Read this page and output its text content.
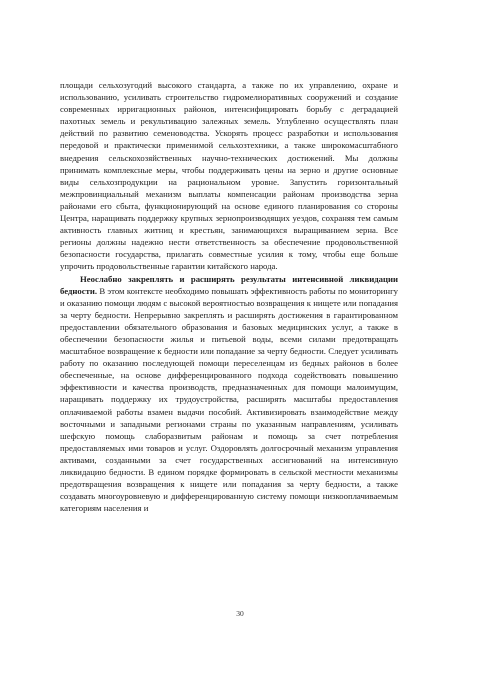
площади сельхозугодий высокого стандарта, а также по их управлению, охране и использованию, усиливать строительство гидромелиоративных сооружений и создание современных ирригационных районов, интенсифицировать борьбу с деградацией пахотных земель и рекультивацию залежных земель. Углубленно осуществлять план действий по развитию семеноводства. Ускорять процесс разработки и использования передовой и практически применимой сельхозтехники, а также широкомасштабного внедрения сельскохозяйственных научно-технических достижений. Мы должны принимать комплексные меры, чтобы поддерживать цены на зерно и другие основные виды сельхозпродукции на рациональном уровне. Запустить горизонтальный межпровинциальный механизм выплаты компенсации районам производства зерна районами его сбыта, функционирующий на основе единого планирования со стороны Центра, наращивать поддержку крупных зернопроизводящих уездов, сохраняя тем самым активность главных житниц и крестьян, занимающихся выращиванием зерна. Все регионы должны надежно нести ответственность за обеспечение продовольственной безопасности государства, прилагать совместные усилия к тому, чтобы еще больше упрочить продовольственные гарантии китайского народа.

Неослабно закреплять и расширять результаты интенсивной ликвидации бедности. В этом контексте необходимо повышать эффективность работы по мониторингу и оказанию помощи людям с высокой вероятностью возвращения к нищете или попадания за черту бедности. Непрерывно закреплять и расширять достижения в гарантированном предоставлении обязательного образования и базовых медицинских услуг, а также в обеспечении безопасности жилья и питьевой воды, всеми силами предотвращать масштабное возвращение к бедности или попадание за черту бедности. Следует усиливать работу по оказанию последующей помощи переселенцам из бедных районов в более обеспеченные, на основе дифференцированного подхода содействовать повышению эффективности и качества производств, предназначенных для помощи малоимущим, наращивать поддержку их трудоустройства, расширять масштабы предоставления оплачиваемой работы взамен выдачи пособий. Активизировать взаимодействие между восточными и западными регионами страны по указанным направлениям, усиливать шефскую помощь слаборазвитым районам и помощь за счет потребления предоставляемых ими товаров и услуг. Оздоровлять долгосрочный механизм управления активами, созданными за счет государственных ассигнований на интенсивную ликвидацию бедности. В едином порядке формировать в сельской местности механизмы предотвращения возвращения к нищете или попадания за черту бедности, а также создавать многоуровневую и дифференцированную систему помощи низкооплачиваемым категориям населения и

30
